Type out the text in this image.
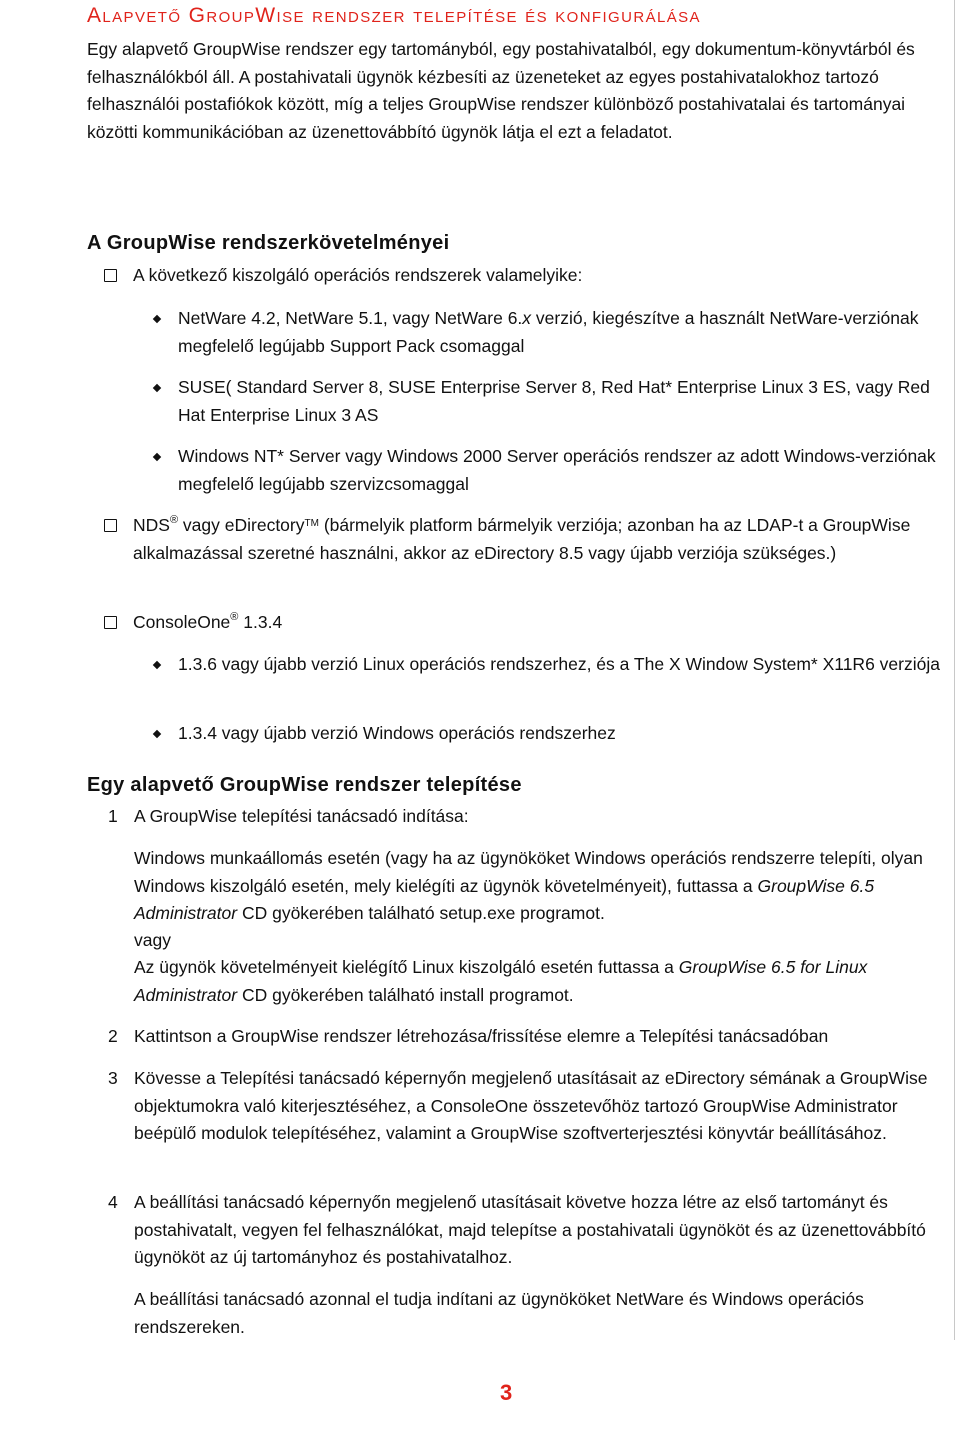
Alapvető GroupWise rendszer telepítése és konfigurálása

Egy alapvető GroupWise rendszer egy tartományból, egy postahivatalból, egy dokumentum-könyvtárból és felhasználókból áll. A postahivatali ügynök kézbesíti az üzeneteket az egyes postahivatalokhoz tartozó felhasználói postafiókok között, míg a teljes GroupWise rendszer különböző postahivatalai és tartományai közötti kommunikációban az üzenettovábbító ügynök látja el ezt a feladatot.

A GroupWise rendszerkövetelményei
A következő kiszolgáló operációs rendszerek valamelyike:
NetWare 4.2, NetWare 5.1, vagy NetWare 6.x verzió, kiegészítve a használt NetWare-verziónak megfelelő legújabb Support Pack csomaggal
SUSE( Standard Server 8, SUSE Enterprise Server 8, Red Hat* Enterprise Linux 3 ES, vagy Red Hat Enterprise Linux 3 AS
Windows NT* Server vagy Windows 2000 Server operációs rendszer az adott Windows-verziónak megfelelő legújabb szervizcsomaggal
NDS® vagy eDirectory™ (bármelyik platform bármelyik verziója; azonban ha az LDAP-t a GroupWise alkalmazással szeretné használni, akkor az eDirectory 8.5 vagy újabb verziója szükséges.)
ConsoleOne® 1.3.4
1.3.6 vagy újabb verzió Linux operációs rendszerhez, és a The X Window System* X11R6 verziója
1.3.4 vagy újabb verzió Windows operációs rendszerhez
Egy alapvető GroupWise rendszer telepítése
1 A GroupWise telepítési tanácsadó indítása:

Windows munkaállomás esetén (vagy ha az ügynököket Windows operációs rendszerre telepíti, olyan Windows kiszolgáló esetén, mely kielégíti az ügynök követelményeit), futtassa a GroupWise 6.5 Administrator CD gyökerében található setup.exe programot.

vagy

Az ügynök követelményeit kielégítő Linux kiszolgáló esetén futtassa a GroupWise 6.5 for Linux Administrator CD gyökerében található install programot.

2 Kattintson a GroupWise rendszer létrehozása/frissítése elemre a Telepítési tanácsadóban
3 Kövesse a Telepítési tanácsadó képernyőn megjelenő utasításait az eDirectory sémának a GroupWise objektumokra való kiterjesztéséhez, a ConsoleOne összetevőhöz tartozó GroupWise Administrator beépülő modulok telepítéséhez, valamint a GroupWise szoftverterjesztési könyvtár beállításához.
4 A beállítási tanácsadó képernyőn megjelenő utasításait követve hozza létre az első tartományt és postahivatalt, vegyen fel felhasználókat, majd telepítse a postahivatali ügynököt és az üzenettovábbító ügynököt az új tartományhoz és postahivatalhoz.

A beállítási tanácsadó azonnal el tudja indítani az ügynököket NetWare és Windows operációs rendszereken.

3
